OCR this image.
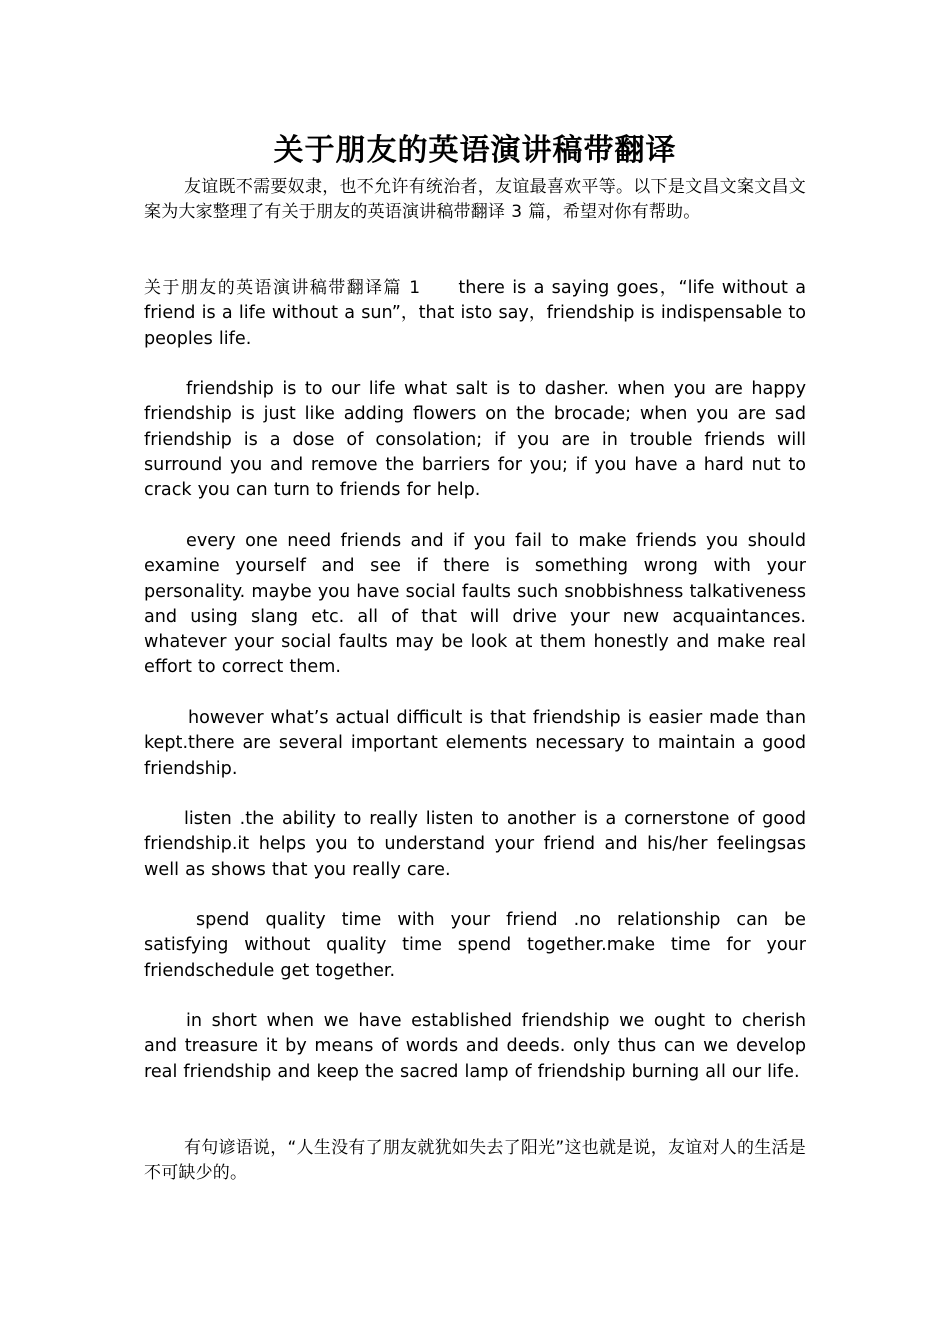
关于朋友的英语演讲稿带翻译
友谊既不需要奴隶，也不允许有统治者，友谊最喜欢平等。以下是文昌文案文昌文案为大家整理了有关于朋友的英语演讲稿带翻译 3 篇，希望对你有帮助。
关于朋友的英语演讲稿带翻译篇 1 there is a saying goes，“life without a friend is a life without a sun”，that isto say，friendship is indispensable to peoples life.
friendship is to our life what salt is to dasher. when you are happy friendship is just like adding flowers on the brocade; when you are sad friendship is a dose of consolation; if you are in trouble friends will surround you and remove the barriers for you; if you have a hard nut to crack you can turn to friends for help.
every one need friends and if you fail to make friends you should examine yourself and see if there is something wrong with your personality. maybe you have social faults such snobbishness talkativeness and using slang etc. all of that will drive your new acquaintances. whatever your social faults may be look at them honestly and make real effort to correct them.
however what’s actual difficult is that friendship is easier made than kept.there are several important elements necessary to maintain a good friendship.
listen .the ability to really listen to another is a cornerstone of good friendship.it helps you to understand your friend and his/her feelingsas well as shows that you really care.
spend quality time with your friend .no relationship can be satisfying without quality time spend together.make time for your friendschedule get together.
in short when we have established friendship we ought to cherish and treasure it by means of words and deeds. only thus can we develop real friendship and keep the sacred lamp of friendship burning all our life.
有句谚语说，“人生没有了朋友就犹如失去了阳光”这也就是说，友谊对人的生活是不可缺少的。
